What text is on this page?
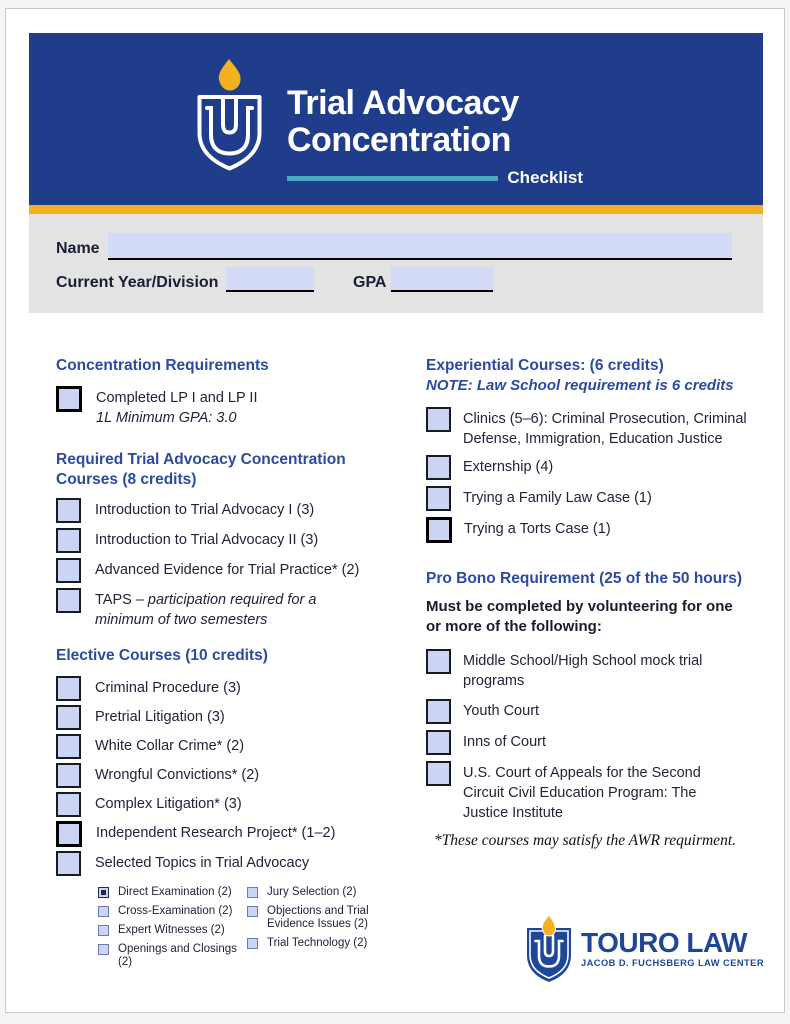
Trial Advocacy
Concentration
Checklist
Name
Current Year/Division	GPA
Concentration Requirements
Completed LP I and LP II
1L Minimum GPA: 3.0
Required Trial Advocacy Concentration Courses (8 credits)
Introduction to Trial Advocacy I (3)
Introduction to Trial Advocacy II (3)
Advanced Evidence for Trial Practice* (2)
TAPS – participation required for a minimum of two semesters
Elective Courses (10 credits)
Criminal Procedure (3)
Pretrial Litigation (3)
White Collar Crime* (2)
Wrongful Convictions* (2)
Complex Litigation* (3)
Independent Research Project* (1–2)
Selected Topics in Trial Advocacy
Direct Examination (2)
Cross-Examination (2)
Expert Witnesses (2)
Openings and Closings (2)
Jury Selection (2)
Objections and Trial Evidence Issues (2)
Trial Technology (2)
Experiential Courses: (6 credits)
NOTE: Law School requirement is 6 credits
Clinics (5–6): Criminal Prosecution, Criminal Defense, Immigration, Education Justice
Externship (4)
Trying a Family Law Case (1)
Trying a Torts Case (1)
Pro Bono Requirement (25 of the 50 hours)
Must be completed by volunteering for one or more of the following:
Middle School/High School mock trial programs
Youth Court
Inns of Court
U.S. Court of Appeals for the Second Circuit Civil Education Program: The Justice Institute
*These courses may satisfy the AWR requirment.
TOURO LAW
JACOB D. FUCHSBERG LAW CENTER
